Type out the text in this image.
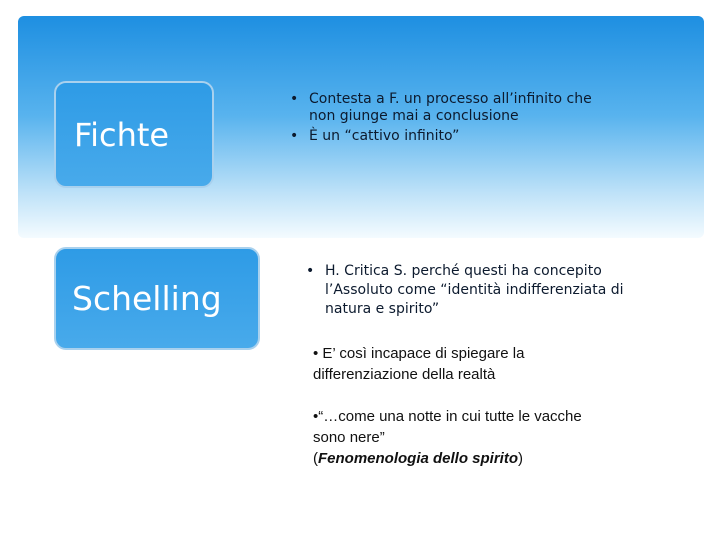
Fichte
• Contesta a F. un processo all’infinito che non giunge mai a conclusione
• È un “cattivo infinito”
Schelling
• H. Critica S. perché questi ha concepito l’Assoluto come “identità indifferenziata di natura e spirito”

• E’ così incapace di spiegare la differenziazione della realtà

•“…come una notte in cui tutte le vacche sono nere”
(Fenomenologia dello spirito)
